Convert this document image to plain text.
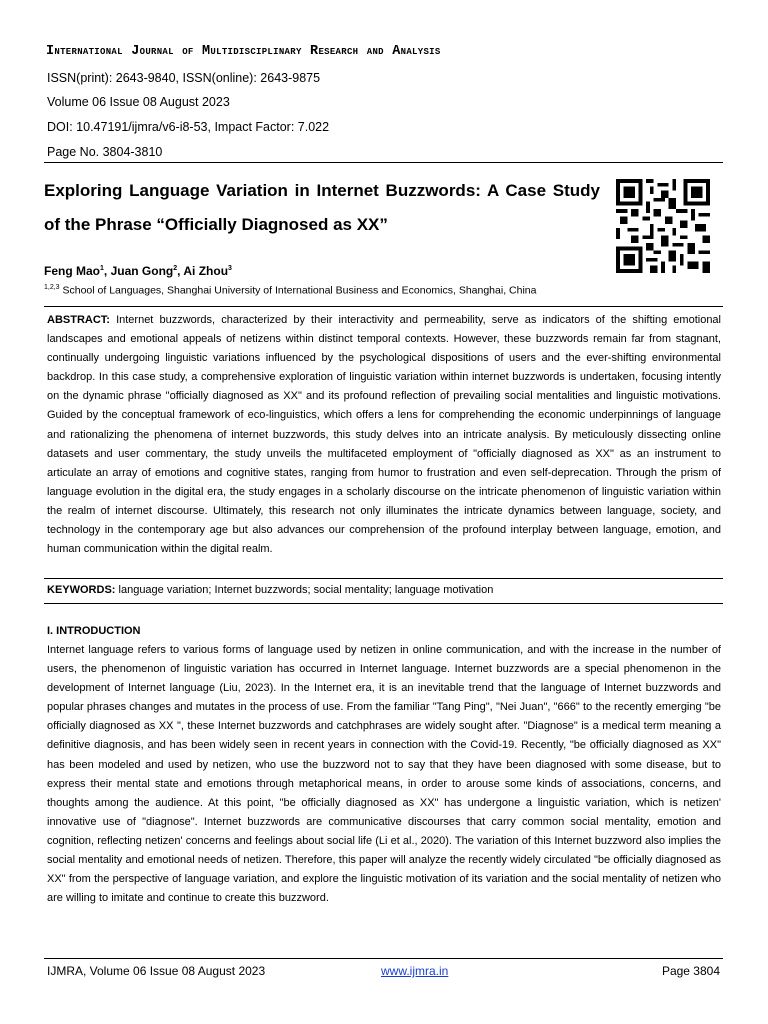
International Journal of Multidisciplinary Research and Analysis
ISSN(print): 2643-9840, ISSN(online): 2643-9875
Volume 06 Issue 08 August 2023
DOI: 10.47191/ijmra/v6-i8-53, Impact Factor: 7.022
Page No. 3804-3810
Exploring Language Variation in Internet Buzzwords: A Case Study of the Phrase “Officially Diagnosed as XX”
Feng Mao$^1$, Juan Gong$^2$, Ai Zhou$^3$
$^{1,2,3}$ School of Languages, Shanghai University of International Business and Economics, Shanghai, China
ABSTRACT: Internet buzzwords, characterized by their interactivity and permeability, serve as indicators of the shifting emotional landscapes and emotional appeals of netizens within distinct temporal contexts. However, these buzzwords remain far from stagnant, continually undergoing linguistic variations influenced by the psychological dispositions of users and the ever-shifting environmental backdrop. In this case study, a comprehensive exploration of linguistic variation within internet buzzwords is undertaken, focusing intently on the dynamic phrase "officially diagnosed as XX" and its profound reflection of prevailing social mentalities and linguistic motivations. Guided by the conceptual framework of eco-linguistics, which offers a lens for comprehending the economic underpinnings of language and rationalizing the phenomena of internet buzzwords, this study delves into an intricate analysis. By meticulously dissecting online datasets and user commentary, the study unveils the multifaceted employment of "officially diagnosed as XX" as an instrument to articulate an array of emotions and cognitive states, ranging from humor to frustration and even self-deprecation. Through the prism of language evolution in the digital era, the study engages in a scholarly discourse on the intricate phenomenon of linguistic variation within the realm of internet discourse. Ultimately, this research not only illuminates the intricate dynamics between language, society, and technology in the contemporary age but also advances our comprehension of the profound interplay between language, emotion, and human communication within the digital realm.
KEYWORDS: language variation; Internet buzzwords; social mentality; language motivation
I. INTRODUCTION
Internet language refers to various forms of language used by netizen in online communication, and with the increase in the number of users, the phenomenon of linguistic variation has occurred in Internet language. Internet buzzwords are a special phenomenon in the development of Internet language (Liu, 2023). In the Internet era, it is an inevitable trend that the language of Internet buzzwords and popular phrases changes and mutates in the process of use. From the familiar "Tang Ping", "Nei Juan", "666" to the recently emerging "be officially diagnosed as XX ", these Internet buzzwords and catchphrases are widely sought after. "Diagnose" is a medical term meaning a definitive diagnosis, and has been widely seen in recent years in connection with the Covid-19. Recently, "be officially diagnosed as XX" has been modeled and used by netizen, who use the buzzword not to say that they have been diagnosed with some disease, but to express their mental state and emotions through metaphorical means, in order to arouse some kinds of associations, concerns, and thoughts among the audience. At this point, "be officially diagnosed as XX" has undergone a linguistic variation, which is netizen' innovative use of "diagnose". Internet buzzwords are communicative discourses that carry common social mentality, emotion and cognition, reflecting netizen' concerns and feelings about social life (Li et al., 2020). The variation of this Internet buzzword also implies the social mentality and emotional needs of netizen. Therefore, this paper will analyze the recently widely circulated "be officially diagnosed as XX" from the perspective of language variation, and explore the linguistic motivation of its variation and the social mentality of netizen who are willing to imitate and continue to create this buzzword.
IJMRA, Volume 06 Issue 08 August 2023	www.ijmra.in	Page 3804
